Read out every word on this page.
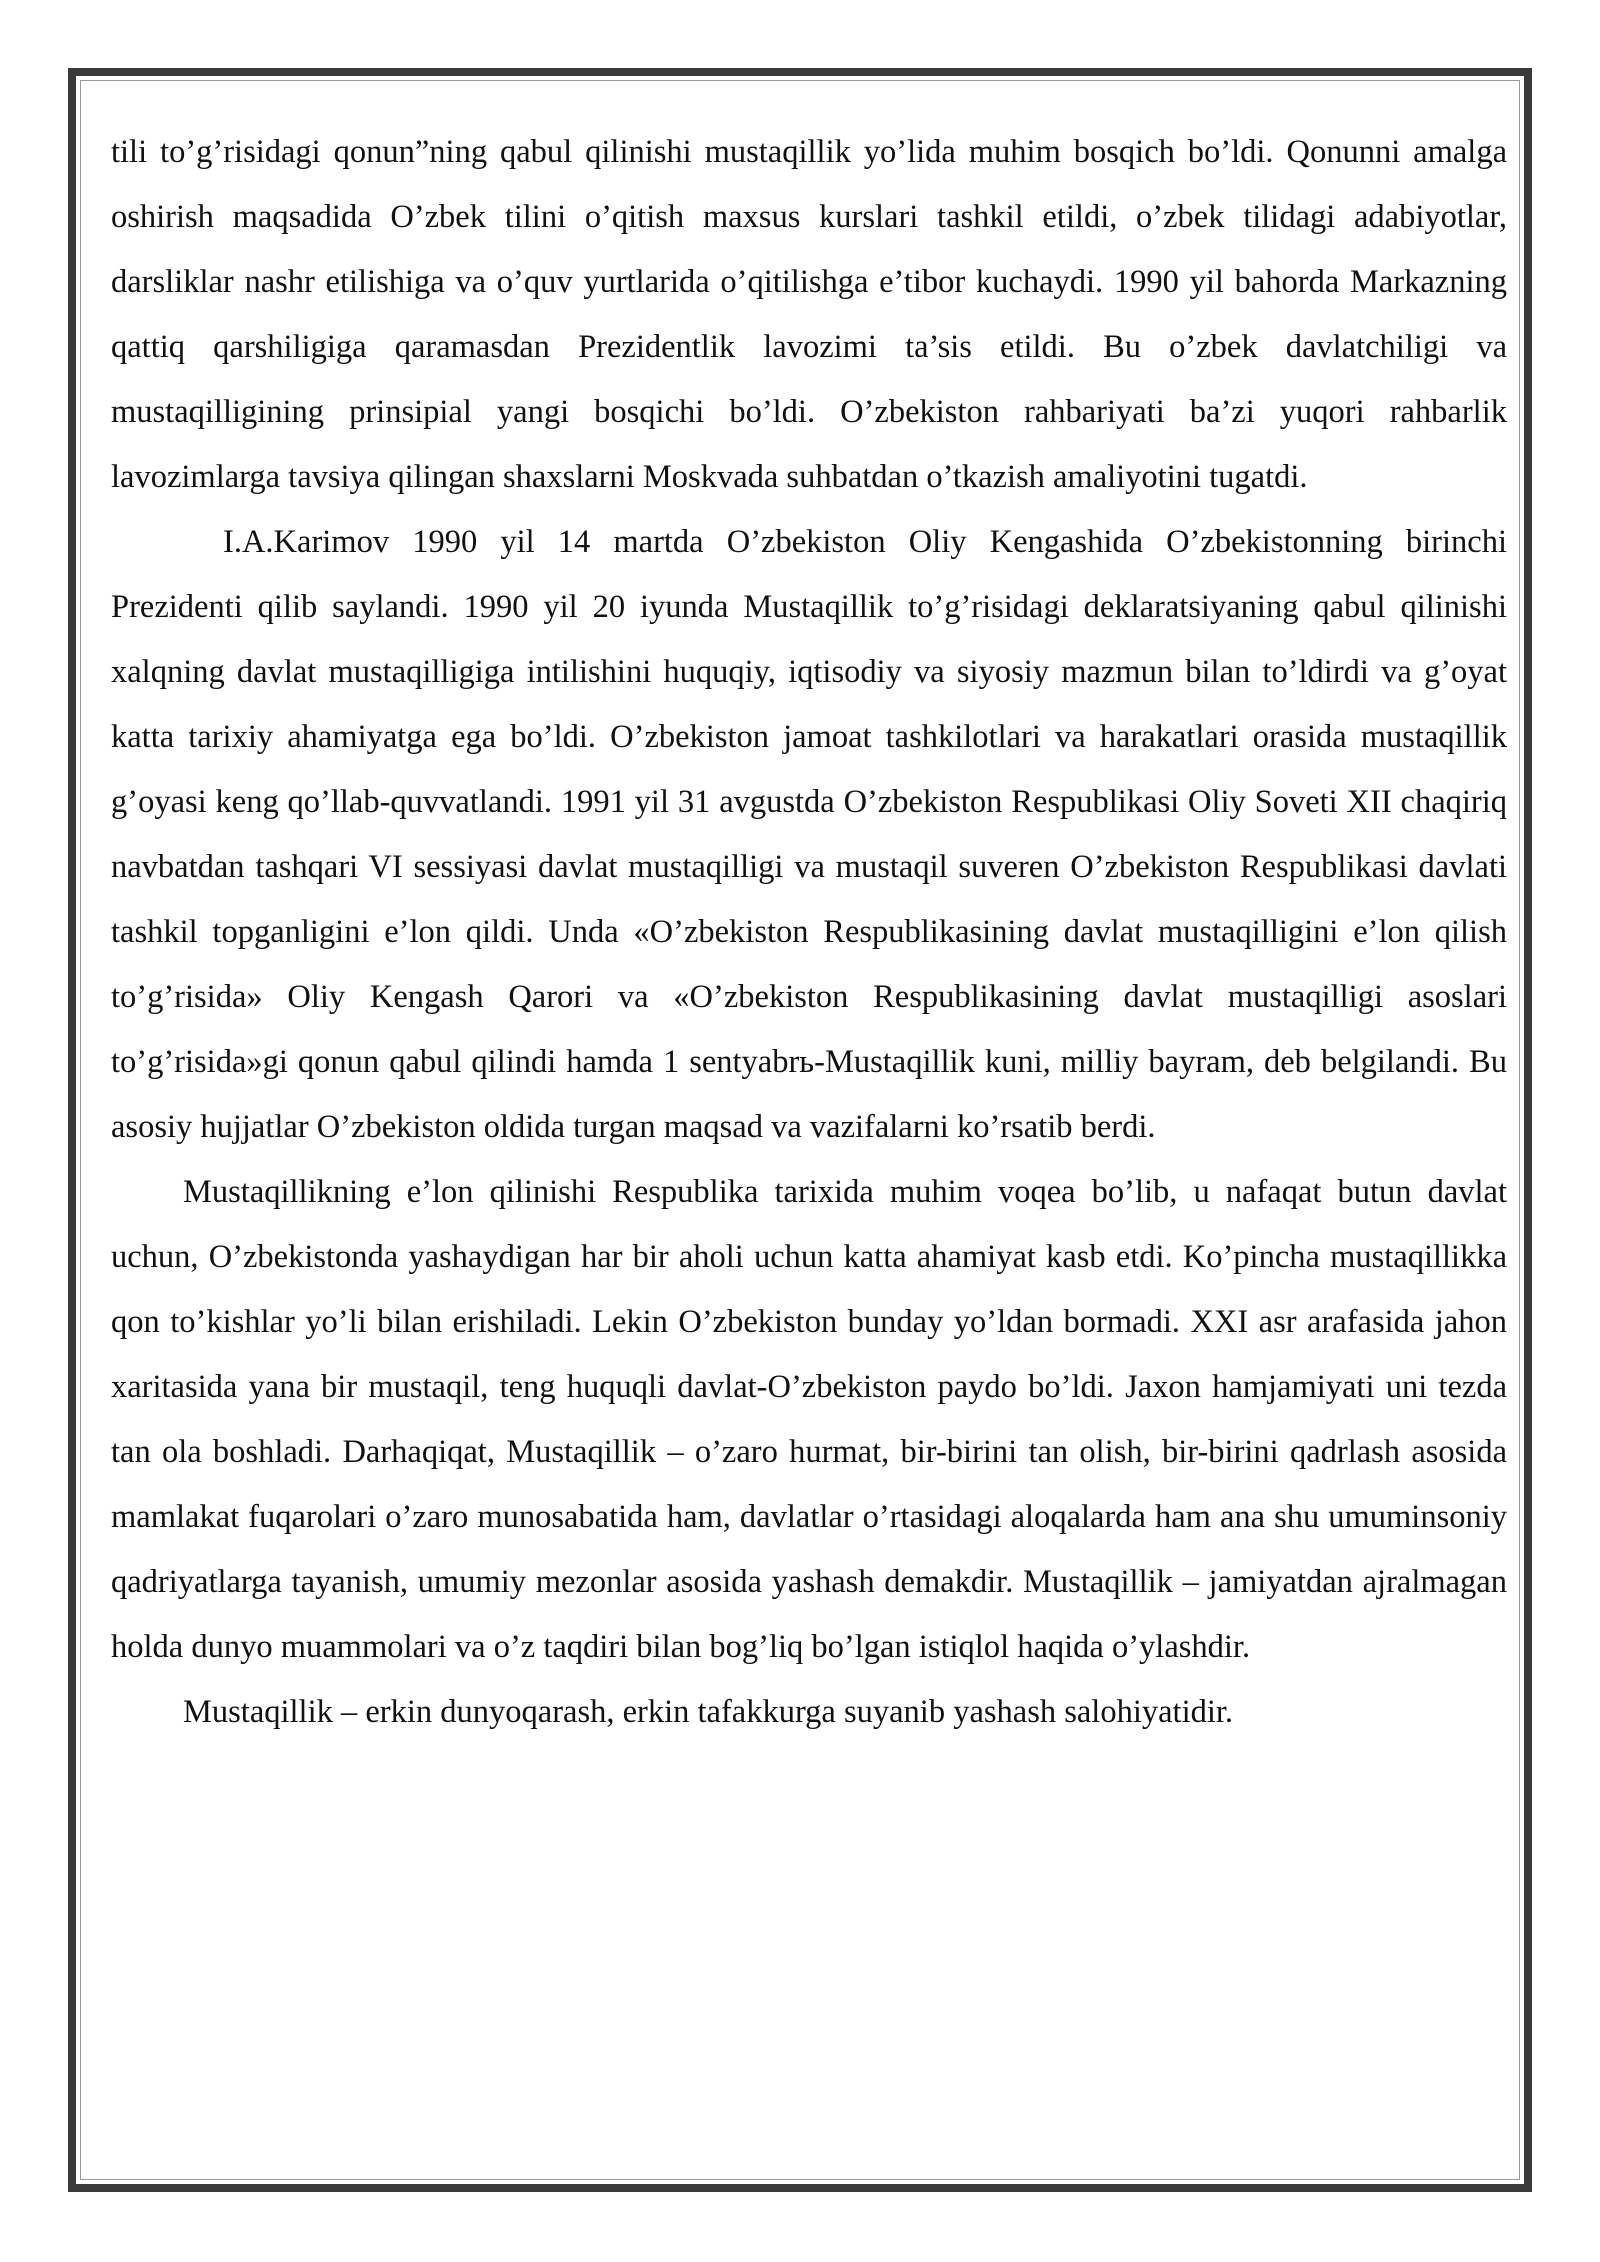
tili to’g’risidagi qonun”ning qabul qilinishi mustaqillik yo’lida muhim bosqich bo’ldi. Qonunni amalga oshirish maqsadida O’zbek tilini o’qitish maxsus kurslari tashkil etildi, o’zbek tilidagi adabiyotlar, darsliklar nashr etilishiga va o’quv yurtlarida o’qitilishga e’tibor kuchaydi. 1990 yil bahorda Markazning qattiq qarshiligiga qaramasdan Prezidentlik lavozimi ta’sis etildi. Bu o’zbek davlatchiligi va mustaqilligining prinsipial yangi bosqichi bo’ldi. O’zbekiston rahbariyati ba’zi yuqori rahbarlik lavozimlarga tavsiya qilingan shaxslarni Moskvada suhbatdan o’tkazish amaliyotini tugatdi.

I.A.Karimov 1990 yil 14 martda O’zbekiston Oliy Kengashida O’zbekistonning birinchi Prezidenti qilib saylandi. 1990 yil 20 iyunda Mustaqillik to’g’risidagi deklaratsiyaning qabul qilinishi xalqning davlat mustaqilligiga intilishini huquqiy, iqtisodiy va siyosiy mazmun bilan to’ldirdi va g’oyat katta tarixiy ahamiyatga ega bo’ldi. O’zbekiston jamoat tashkilotlari va harakatlari orasida mustaqillik g’oyasi keng qo’llab-quvvatlandi. 1991 yil 31 avgustda O’zbekiston Respublikasi Oliy Soveti XII chaqiriq navbatdan tashqari VI sessiyasi davlat mustaqilligi va mustaqil suveren O’zbekiston Respublikasi davlati tashkil topganligini e’lon qildi. Unda «O’zbekiston Respublikasining davlat mustaqilligini e’lon qilish to’g’risida» Oliy Kengash Qarori va «O’zbekiston Respublikasining davlat mustaqilligi asoslari to’g’risida»gi qonun qabul qilindi hamda 1 sentyabrь-Mustaqillik kuni, milliy bayram, deb belgilandi. Bu asosiy hujjatlar O’zbekiston oldida turgan maqsad va vazifalarni ko’rsatib berdi.

Mustaqillikning e’lon qilinishi Respublika tarixida muhim voqea bo’lib, u nafaqat butun davlat uchun, O’zbekistonda yashaydigan har bir aholi uchun katta ahamiyat kasb etdi. Ko’pincha mustaqillikka qon to’kishlar yo’li bilan erishiladi. Lekin O’zbekiston bunday yo’ldan bormadi. XXI asr arafasida jahon xaritasida yana bir mustaqil, teng huquqli davlat-O’zbekiston paydo bo’ldi. Jaxon hamjamiyati uni tezda tan ola boshladi. Darhaqiqat, Mustaqillik – o’zaro hurmat, bir-birini tan olish, bir-birini qadrlash asosida mamlakat fuqarolari o’zaro munosabatida ham, davlatlar o’rtasidagi aloqalarda ham ana shu umuminsoniy qadriyatlarga tayanish, umumiy mezonlar asosida yashash demakdir. Mustaqillik – jamiyatdan ajralmagan holda dunyo muammolari va o’z taqdiri bilan bog’liq bo’lgan istiqlol haqida o’ylashdir.

Mustaqillik – erkin dunyoqarash, erkin tafakkurga suyanib yashash salohiyatidir.
